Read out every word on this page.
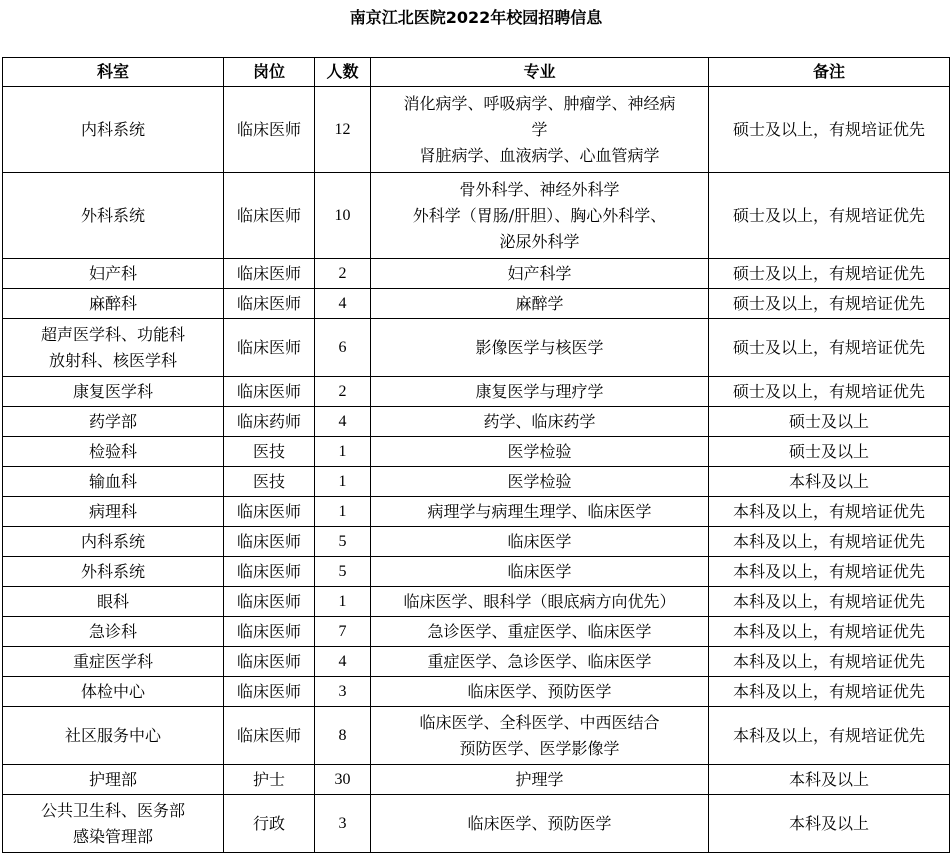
南京江北医院2022年校园招聘信息
科室	岗位	人数	专业	备注

内科系统	临床医师	12	消化病学、呼吸病学、肿瘤学、神经病
学
肾脏病学、血液病学、心血管病学	硕士及以上，有规培证优先

外科系统	临床医师	10	骨外科学、神经外科学
外科学（胃肠/肝胆）、胸心外科学、
泌尿外科学	硕士及以上，有规培证优先

妇产科	临床医师	2	妇产科学	硕士及以上，有规培证优先

麻醉科	临床医师	4	麻醉学	硕士及以上，有规培证优先

超声医学科、功能科
放射科、核医学科	临床医师	6	影像医学与核医学	硕士及以上，有规培证优先

康复医学科	临床医师	2	康复医学与理疗学	硕士及以上，有规培证优先

药学部	临床药师	4	药学、临床药学	硕士及以上

检验科	医技	1	医学检验	硕士及以上

输血科	医技	1	医学检验	本科及以上

病理科	临床医师	1	病理学与病理生理学、临床医学	本科及以上，有规培证优先

内科系统	临床医师	5	临床医学	本科及以上，有规培证优先

外科系统	临床医师	5	临床医学	本科及以上，有规培证优先

眼科	临床医师	1	临床医学、眼科学（眼底病方向优先）	本科及以上，有规培证优先

急诊科	临床医师	7	急诊医学、重症医学、临床医学	本科及以上，有规培证优先

重症医学科	临床医师	4	重症医学、急诊医学、临床医学	本科及以上，有规培证优先

体检中心	临床医师	3	临床医学、预防医学	本科及以上，有规培证优先

社区服务中心	临床医师	8	临床医学、全科医学、中西医结合
预防医学、医学影像学	本科及以上，有规培证优先

护理部	护士	30	护理学	本科及以上

公共卫生科、医务部
感染管理部	行政	3	临床医学、预防医学	本科及以上
